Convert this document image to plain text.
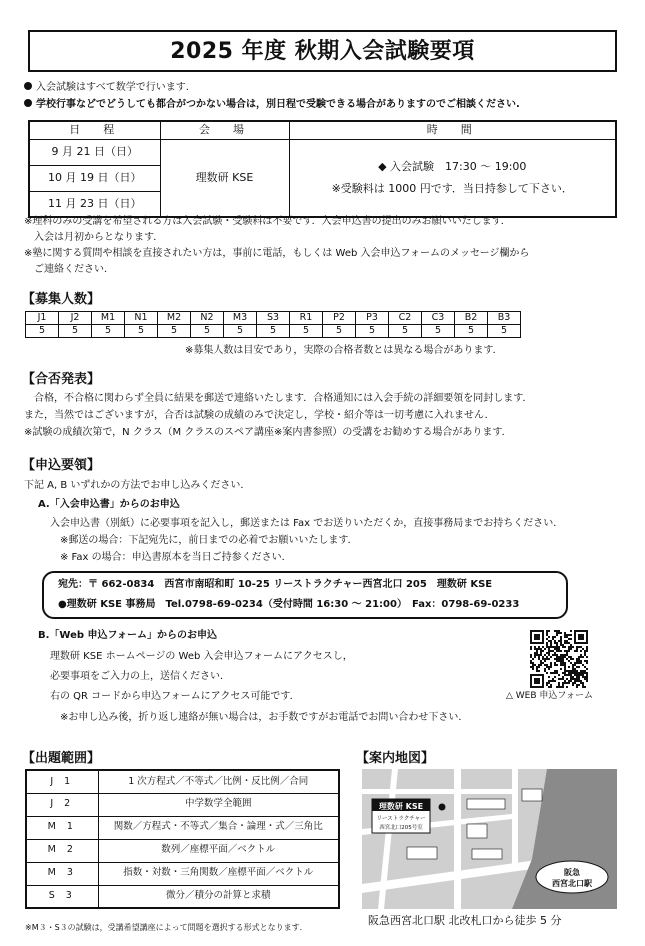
2025 年度 秋期入会試験要項
入会試験はすべて数学で行います.
学校行事などでどうしても都合がつかない場合は，別日程で受験できる場合がありますのでご相談ください.
日　程	会　場	時　間
9 月 21 日（日）	理数研 KSE	◆ 入会試験　17:30 ～ 19:00
※受験料は 1000 円です．当日持参して下さい．

10 月 19 日（日）		
11 月 23 日（日）		
※理科のみの受講を希望される方は入会試験・受験料は不要です．入会申込書の提出のみお願いいたします．
　入会は月初からとなります．
※塾に関する質問や相談を直接されたい方は，事前に電話，もしくは Web 入会申込フォームのメッセージ欄から
　ご連絡ください．
【募集人数】
J1	J2	M1	N1	M2	N2	M3	S3	R1	P2	P3	C2	C3	B2	B3
5	5	5	5	5	5	5	5	5	5	5	5	5	5	5
※募集人数は目安であり，実際の合格者数とは異なる場合があります．
【合否発表】
　合格，不合格に関わらず全員に結果を郵送で連絡いたします．合格通知には入会手続の詳細要領を同封します．
また，当然ではございますが，合否は試験の成績のみで決定し，学校・紹介等は一切考慮に入れません．
※試験の成績次第で，N クラス（M クラスのスペア講座※案内書参照）の受講をお勧めする場合があります．
【申込要領】
下記 A, B いずれかの方法でお申し込みください．
A.「入会申込書」からのお申込
入会申込書（別紙）に必要事項を記入し，郵送または Fax でお送りいただくか，直接事務局までお持ちください．
※郵送の場合：下記宛先に，前日までの必着でお願いいたします．
※ Fax の場合：申込書原本を当日ご持参ください．
宛先：〒 662-0834　西宮市南昭和町 10-25 リーストラクチャー西宮北口 205　理数研 KSE
●理数研 KSE 事務局　Tel.0798-69-0234（受付時間 16:30 ～ 21:00）　Fax：0798-69-0233
B.「Web 申込フォーム」からのお申込
理数研 KSE ホームページの Web 入会申込フォームにアクセスし，
必要事項をご入力の上，送信ください．
右の QR コードから申込フォームにアクセス可能です．
※お申し込み後，折り返し連絡が無い場合は，お手数ですがお電話でお問い合わせ下さい．
△ WEB 申込フォーム
【出題範囲】
J 1	1 次方程式／不等式／比例・反比例／合同
J 2	中学数学全範囲
M 1	関数／方程式・不等式／集合・論理・式／三角比
M 2	数列／座標平面／ベクトル
M 3	指数・対数・三角関数／座標平面／ベクトル
S 3	微分／積分の計算と求積
※M３・S３の試験は，受講希望講座によって問題を選択する形式となります.
【案内地図】
阪急
西宮北口駅
理数研 KSE
リーストラクチャー
西宮北口205号室
阪急西宮北口駅 北改札口から徒歩 5 分
